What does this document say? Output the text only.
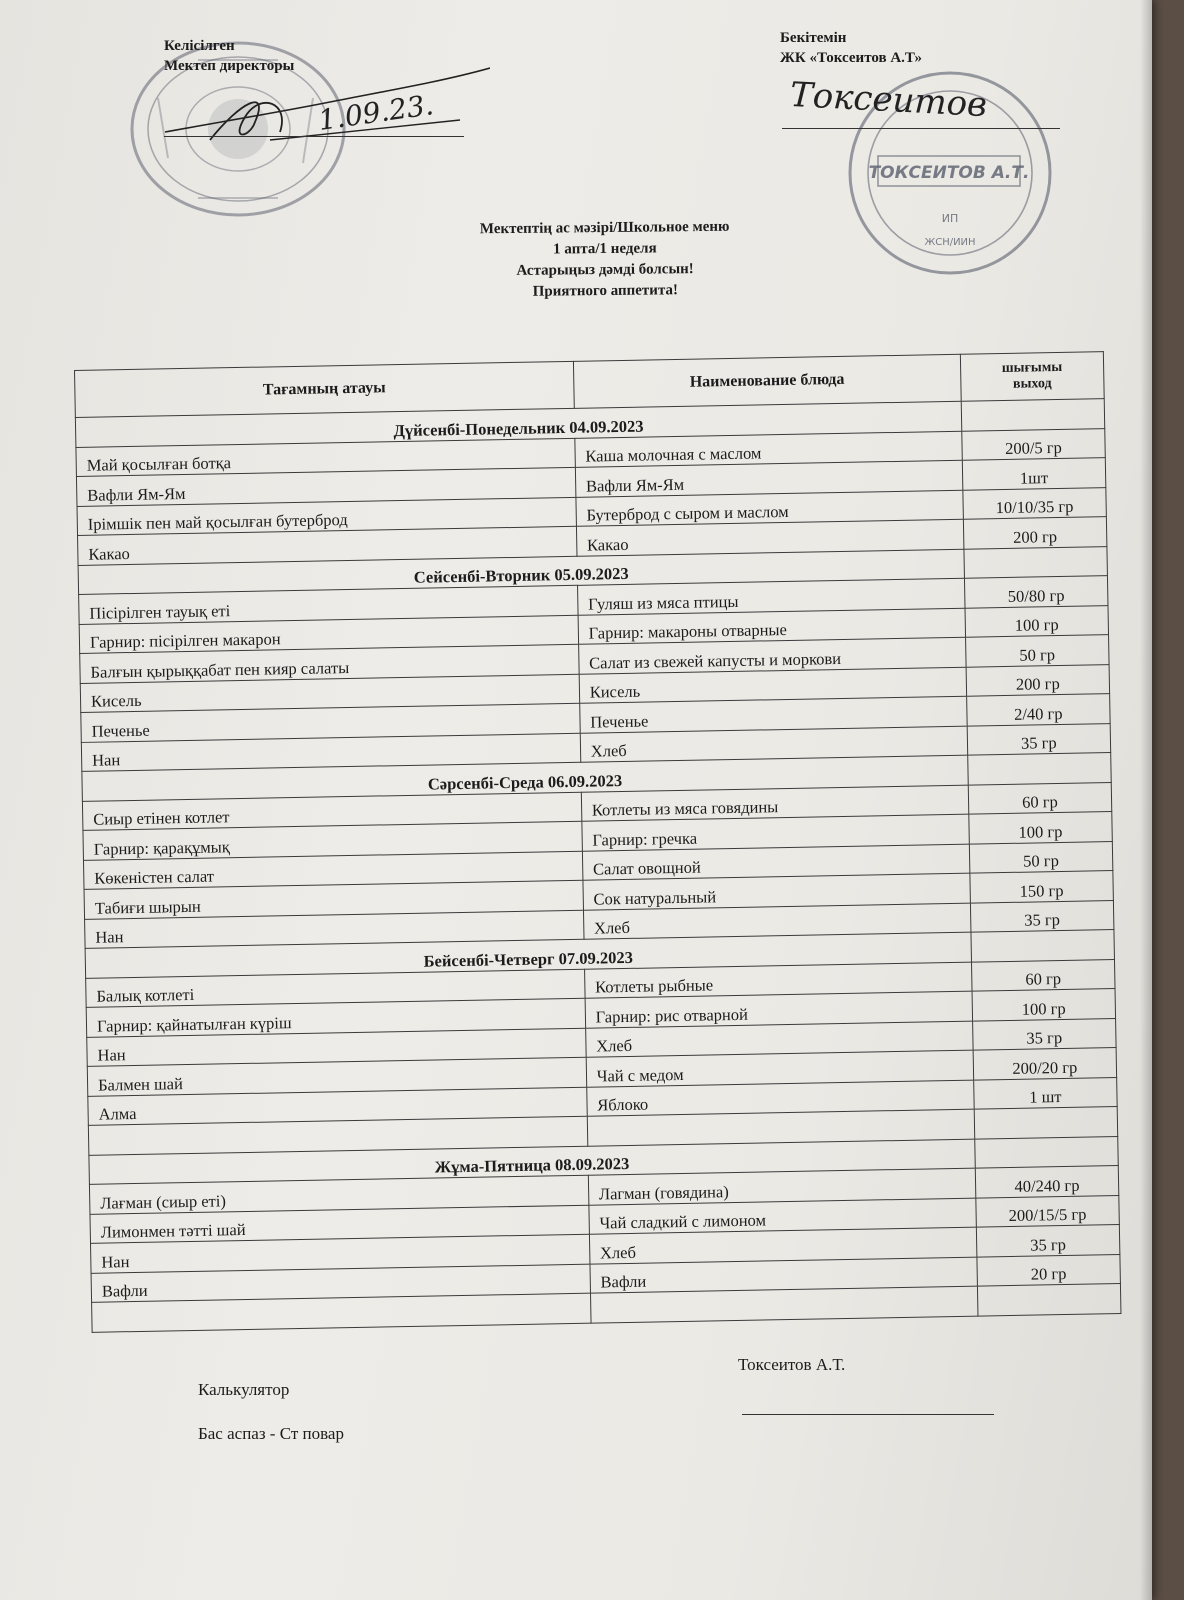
Келісілген
Мектеп директоры
1.09.23.
Бекітемін
ЖК «Токсеитов А.Т»
ТОКСЕИТОВ А.Т.
ИП
ЖСН/ИИН
Токсеитов
Мектептің ас мәзірі/Школьное меню
1 апта/1 неделя
Астарыңыз дәмді болсын!
Приятного аппетита!
Тағамның атауы	Наименование блюда	шығымы
выход

Дүйсенбі-Понедельник 04.09.2023		
Май қосылған ботқа	Каша молочная с маслом	200/5 гр
Вафли Ям-Ям	Вафли Ям-Ям	1шт
Ірімшік пен май қосылған бутерброд	Бутерброд с сыром и маслом	10/10/35 гр
Какао	Какао	200 гр
Сейсенбі-Вторник 05.09.2023		
Пісірілген тауық еті	Гуляш из мяса птицы	50/80 гр
Гарнир: пісірілген макарон	Гарнир: макароны отварные	100 гр
Балғын қырыққабат пен кияр салаты	Салат из свежей капусты и моркови	50 гр
Кисель	Кисель	200 гр
Печенье	Печенье	2/40 гр
Нан	Хлеб	35 гр
Сәрсенбі-Среда 06.09.2023		
Сиыр етінен котлет	Котлеты из мяса говядины	60 гр
Гарнир: қарақұмық	Гарнир: гречка	100 гр
Көкеністен салат	Салат овощной	50 гр
Табиғи шырын	Сок натуральный	150 гр
Нан	Хлеб	35 гр
Бейсенбі-Четверг 07.09.2023		
Балық котлеті	Котлеты рыбные	60 гр
Гарнир: қайнатылған күріш	Гарнир: рис отварной	100 гр
Нан	Хлеб	35 гр
Балмен шай	Чай с медом	200/20 гр
Алма	Яблоко	1 шт

Жұма-Пятница 08.09.2023		
Лағман (сиыр еті)	Лагман (говядина)	40/240 гр
Лимонмен тәтті шай	Чай сладкий с лимоном	200/15/5 гр
Нан	Хлеб	35 гр
Вафли	Вафли	20 гр

Токсеитов А.Т.
Калькулятор
Бас аспаз - Ст повар
